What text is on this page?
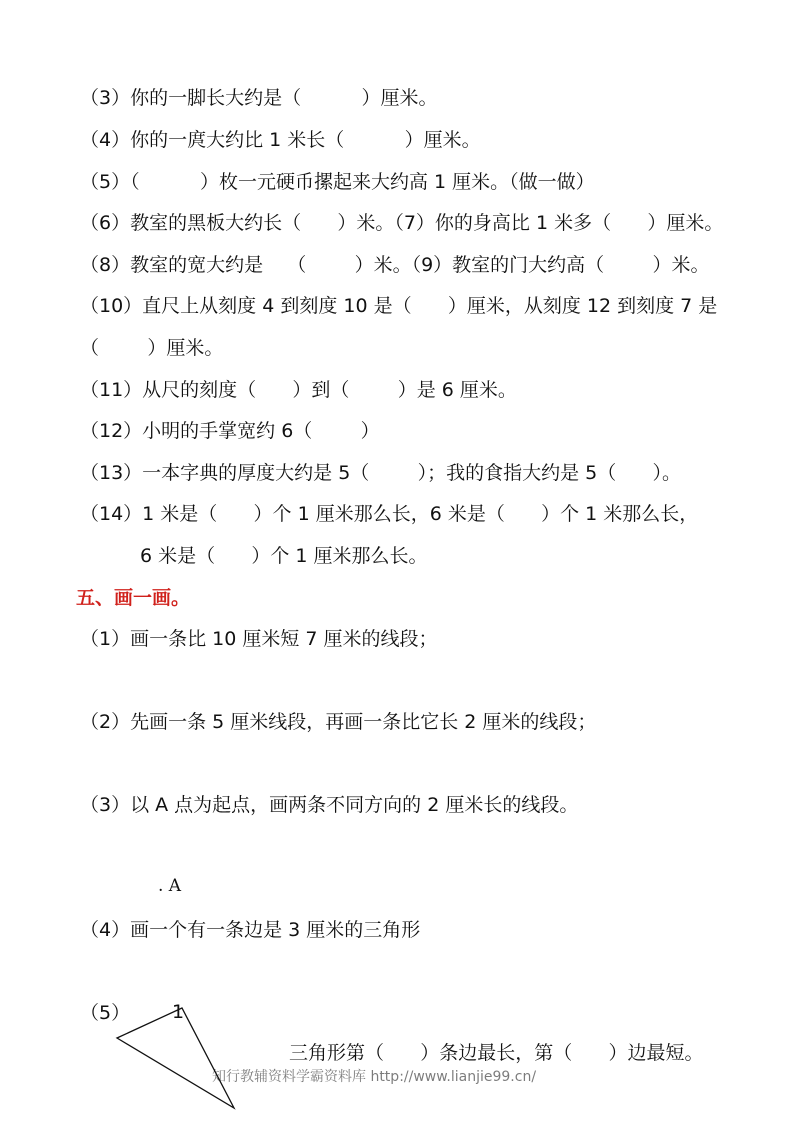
（3）你的一脚长大约是（          ）厘米。

（4）你的一庹大约比 1 米长（          ）厘米。

（5）（          ）枚一元硬币摞起来大约高 1 厘米。（做一做）

（6）教室的黑板大约长（      ）米。（7）你的身高比 1 米多（      ）厘米。

（8）教室的宽大约是    （        ）米。（9）教室的门大约高（        ）米。

（10）直尺上从刻度 4 到刻度 10 是（      ）厘米，从刻度 12 到刻度 7 是

（        ）厘米。

（11）从尺的刻度（      ）到（        ）是 6 厘米。

（12）小明的手掌宽约 6（        ）

（13）一本字典的厚度大约是 5（        ）；我的食指大约是 5（      ）。

（14）1 米是（      ）个 1 厘米那么长，6 米是（      ）个 1 米那么长，

6 米是（      ）个 1 厘米那么长。

五、画一画。

（1）画一条比 10 厘米短 7 厘米的线段；

（2）先画一条 5 厘米线段，再画一条比它长 2 厘米的线段；

（3）以 A 点为起点，画两条不同方向的 2 厘米长的线段。

. A

（4）画一个有一条边是 3 厘米的三角形

（5） 1
三角形第（      ）条边最长，第（      ）边最短。
知行教辅资料学霸资料库 http://www.lianjie99.cn/
